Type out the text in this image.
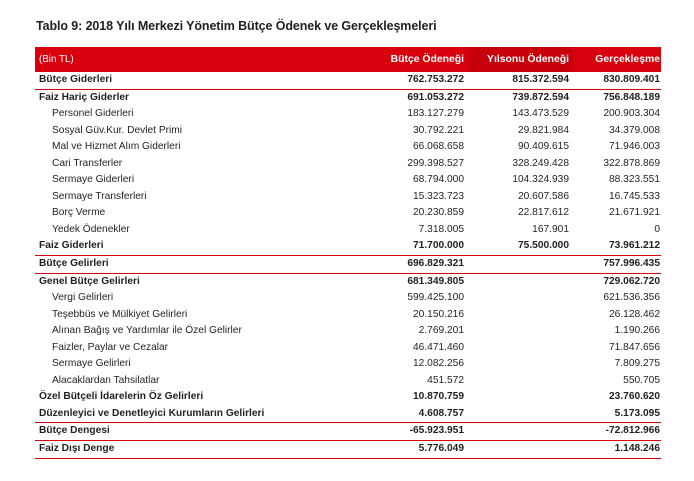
Tablo 9: 2018 Yılı Merkezi Yönetim Bütçe Ödenek ve Gerçekleşmeleri
(Bin TL)	Bütçe Ödeneği	Yılsonu Ödeneği	Gerçekleşme
Bütçe Giderleri	762.753.272	815.372.594	830.809.401
Faiz Hariç Giderler	691.053.272	739.872.594	756.848.189
Personel Giderleri	183.127.279	143.473.529	200.903.304
Sosyal Güv.Kur. Devlet Primi	30.792.221	29.821.984	34.379.008
Mal ve Hizmet Alım Giderleri	66.068.658	90.409.615	71.946.003
Cari Transferler	299.398.527	328.249.428	322.878.869
Sermaye Giderleri	68.794.000	104.324.939	88.323.551
Sermaye Transferleri	15.323.723	20.607.586	16.745.533
Borç Verme	20.230.859	22.817.612	21.671.921
Yedek Ödenekler	7.318.005	167.901	0
Faiz Giderleri	71.700.000	75.500.000	73.961.212
Bütçe Gelirleri	696.829.321		757.996.435
Genel Bütçe Gelirleri	681.349.805		729.062.720
Vergi Gelirleri	599.425.100		621.536.356
Teşebbüs ve Mülkiyet Gelirleri	20.150.216		26.128.462
Alınan Bağış ve Yardımlar ile Özel Gelirler	2.769.201		1.190.266
Faizler, Paylar ve Cezalar	46.471.460		71.847.656
Sermaye Gelirleri	12.082.256		7.809.275
Alacaklardan Tahsilatlar	451.572		550.705
Özel Bütçeli İdarelerin Öz Gelirleri	10.870.759		23.760.620
Düzenleyici ve Denetleyici Kurumların Gelirleri	4.608.757		5.173.095
Bütçe Dengesi	-65.923.951		-72.812.966
Faiz Dışı Denge	5.776.049		1.148.246
